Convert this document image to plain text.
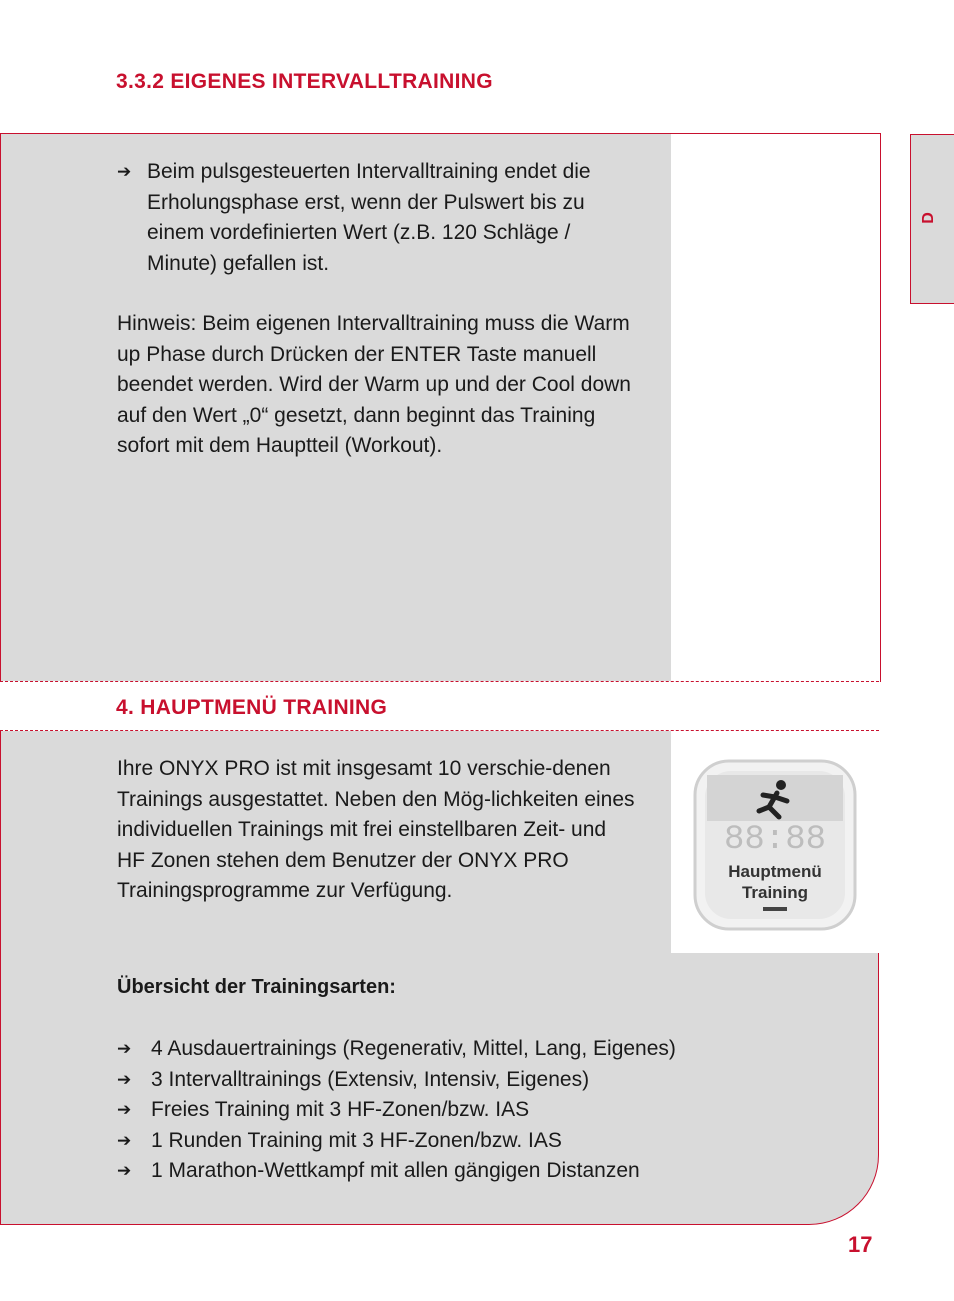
3.3.2 EIGENES INTERVALLTRAINING
D
➔ Beim pulsgesteuerten Intervalltraining endet die Erholungsphase erst, wenn der Pulswert bis zu einem vordefinierten Wert (z.B. 120 Schläge / Minute) gefallen ist.
Hinweis: Beim eigenen Intervalltraining muss die Warm up Phase durch Drücken der ENTER Taste manuell beendet werden. Wird der Warm up und der Cool down auf den Wert „0“ gesetzt, dann beginnt das Training sofort mit dem Hauptteil (Workout).
4. HAUPTMENÜ TRAINING
88:88
Hauptmenü
Training
Ihre ONYX PRO ist mit insgesamt 10 verschie-denen Trainings ausgestattet. Neben den Mög-lichkeiten eines individuellen Trainings mit frei einstellbaren Zeit- und HF Zonen stehen dem Benutzer der ONYX PRO Trainingsprogramme zur Verfügung.
Übersicht der Trainingsarten:
➔ 4 Ausdauertrainings (Regenerativ, Mittel, Lang, Eigenes)
➔ 3 Intervalltrainings (Extensiv, Intensiv, Eigenes)
➔ Freies Training mit 3 HF-Zonen/bzw. IAS
➔ 1 Runden Training mit 3 HF-Zonen/bzw. IAS
➔ 1 Marathon-Wettkampf mit allen gängigen Distanzen
17
